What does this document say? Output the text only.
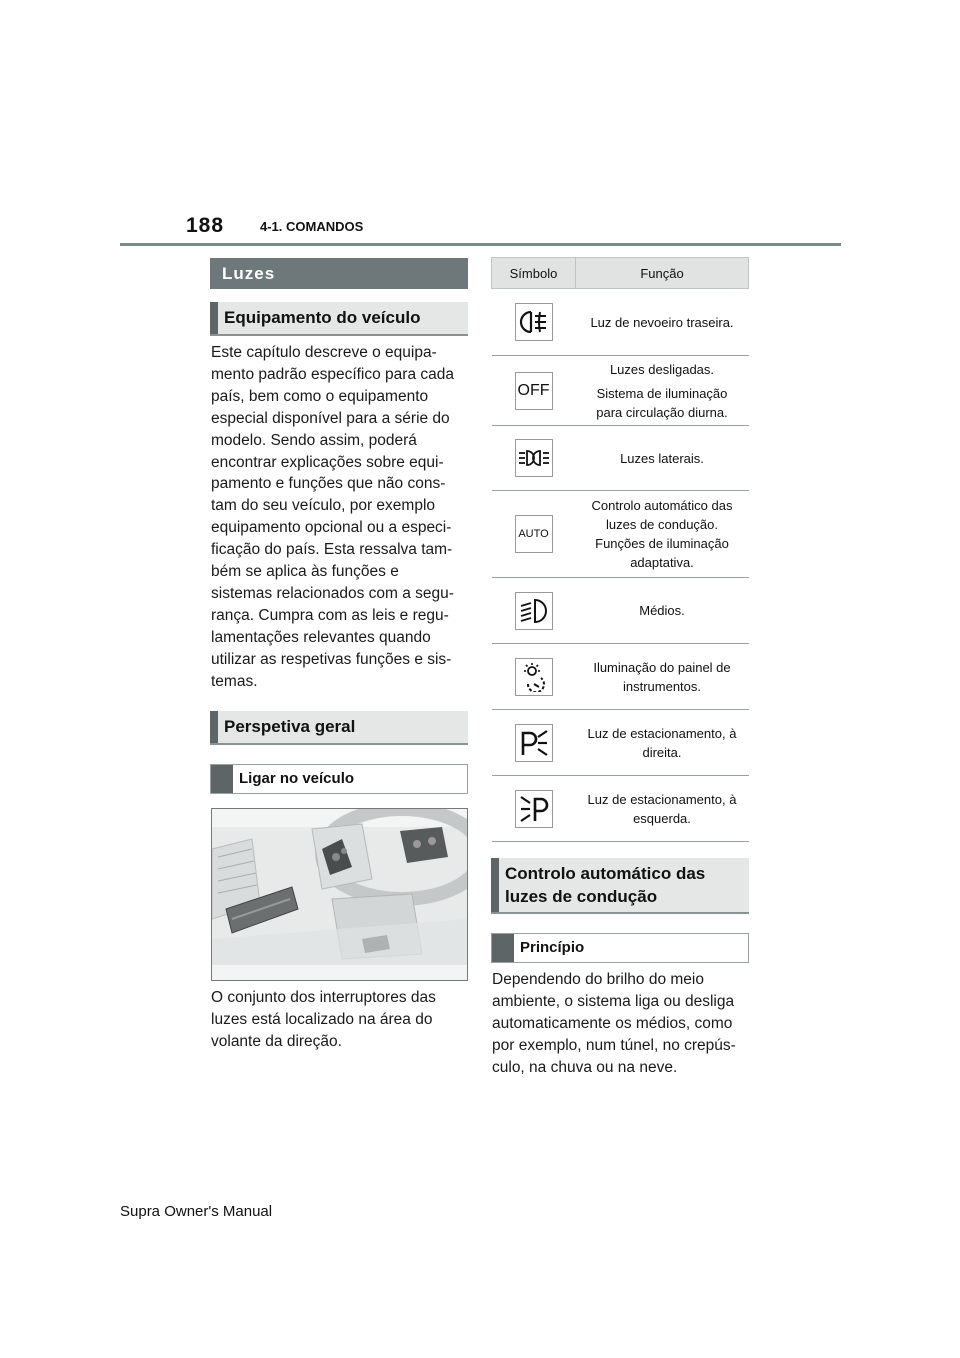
188	4-1. COMANDOS
Luzes
Equipamento do veículo
Este capítulo descreve o equipa-
mento padrão específico para cada
país, bem como o equipamento
especial disponível para a série do
modelo. Sendo assim, poderá
encontrar explicações sobre equi-
pamento e funções que não cons-
tam do seu veículo, por exemplo
equipamento opcional ou a especi-
ficação do país. Esta ressalva tam-
bém se aplica às funções e
sistemas relacionados com a segu-
rança. Cumpra com as leis e regu-
lamentações relevantes quando
utilizar as respetivas funções e sis-
temas.
Perspetiva geral
Ligar no veículo
O conjunto dos interruptores das
luzes está localizado na área do
volante da direção.
Símbolo	Função

Luz de nevoeiro traseira.

OFF	Luzes desligadas.
Sistema de iluminação
para circulação diurna.

Luzes laterais.

AUTO	Controlo automático das
luzes de condução.
Funções de iluminação
adaptativa.

Médios.

Iluminação do painel de
instrumentos.

Luz de estacionamento, à
direita.

Luz de estacionamento, à
esquerda.
Controlo automático das
luzes de condução
Princípio
Dependendo do brilho do meio
ambiente, o sistema liga ou desliga
automaticamente os médios, como
por exemplo, num túnel, no crepús-
culo, na chuva ou na neve.
Supra Owner's Manual
